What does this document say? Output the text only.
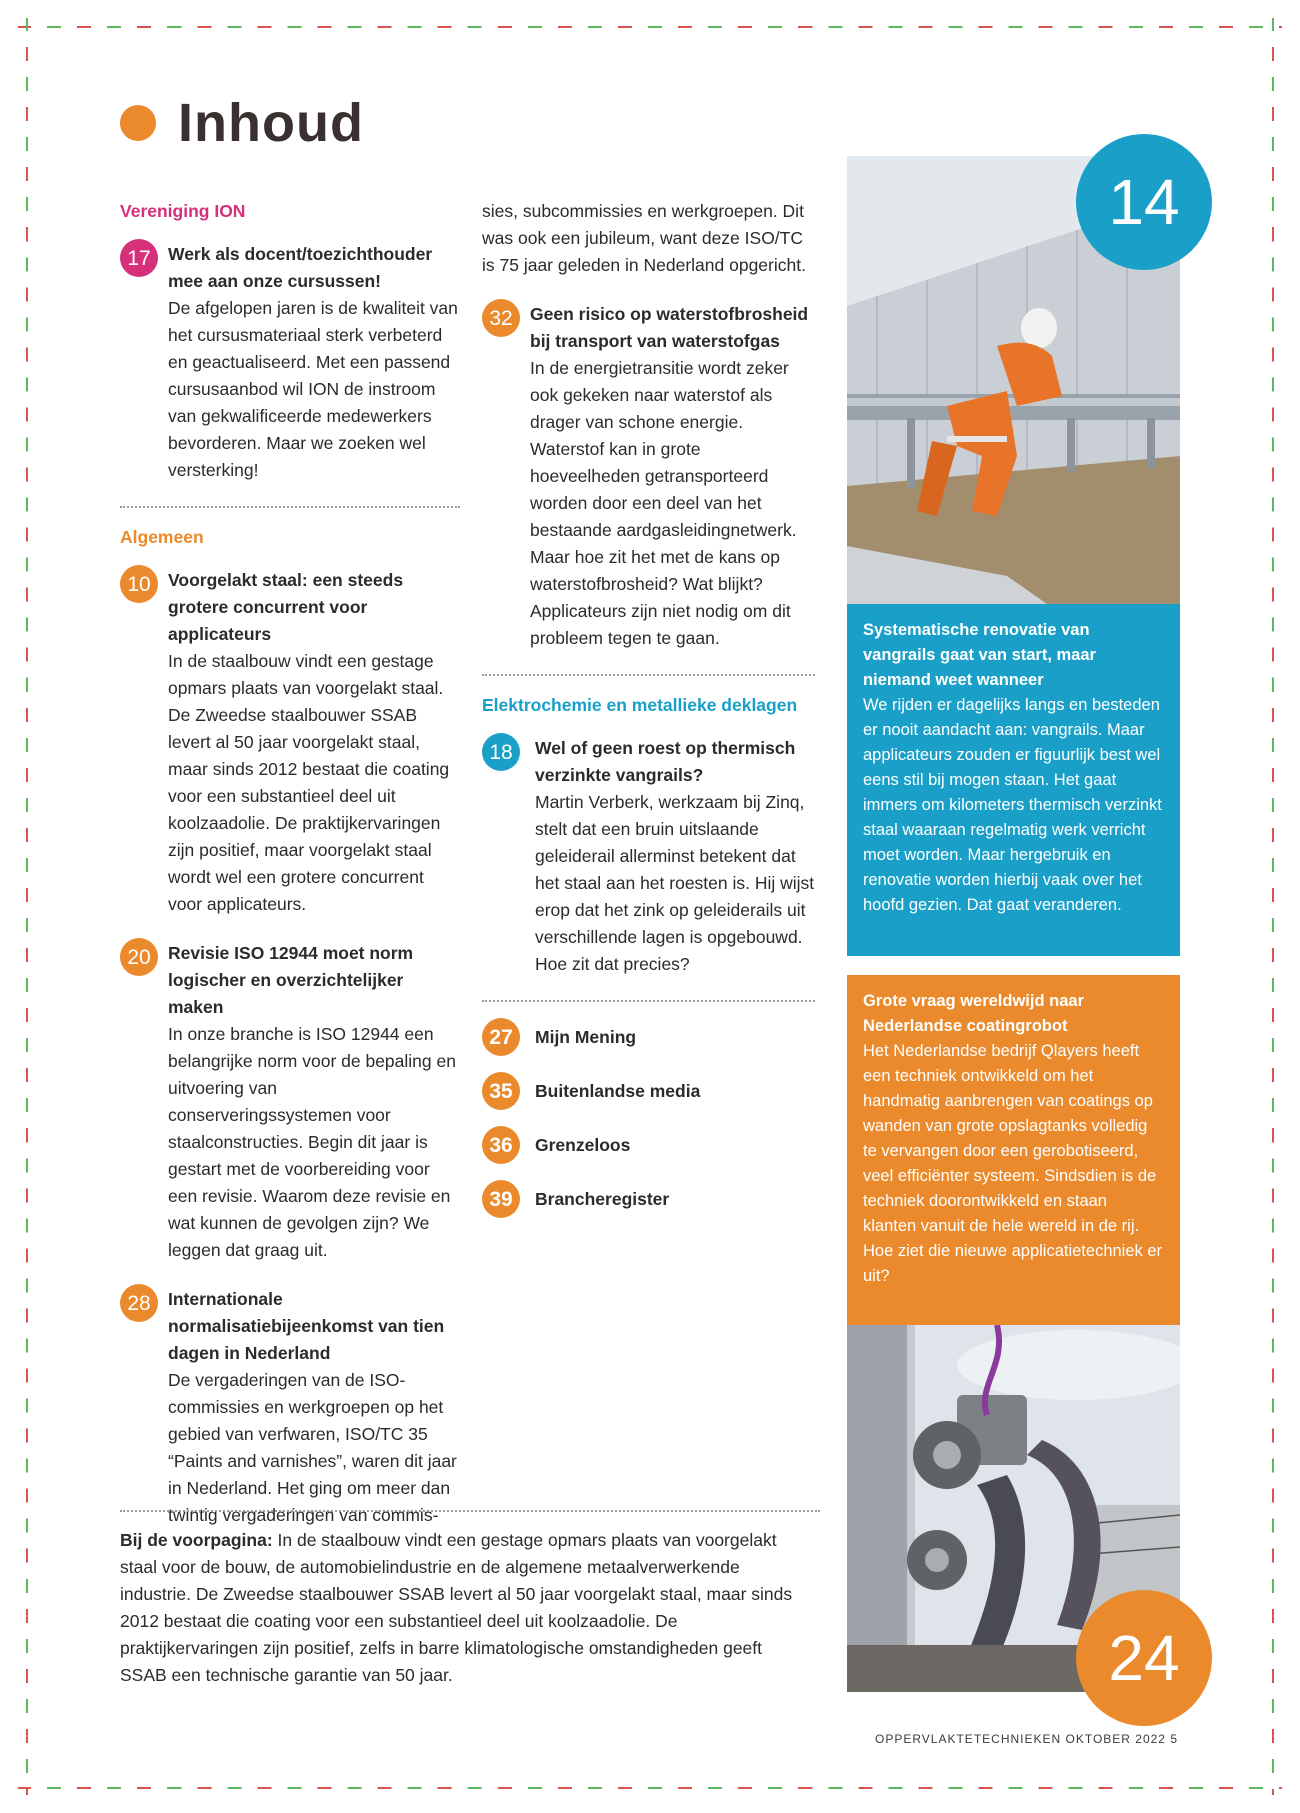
Inhoud
Vereniging ION
17 Werk als docent/toezichthouder mee aan onze cursussen!
De afgelopen jaren is de kwaliteit van het cursusmateriaal sterk verbeterd en geactualiseerd. Met een passend cursusaanbod wil ION de instroom van gekwalificeerde medewerkers bevorderen. Maar we zoeken wel versterking!
Algemeen
10 Voorgelakt staal: een steeds grotere concurrent voor applicateurs
In de staalbouw vindt een gestage opmars plaats van voorgelakt staal. De Zweedse staalbouwer SSAB levert al 50 jaar voorgelakt staal, maar sinds 2012 bestaat die coating voor een substantieel deel uit koolzaadolie. De praktijkervaringen zijn positief, maar voorgelakt staal wordt wel een grotere concurrent voor applicateurs.
20 Revisie ISO 12944 moet norm logischer en overzichtelijker maken
In onze branche is ISO 12944 een belangrijke norm voor de bepaling en uitvoering van conserveringssystemen voor staalconstructies. Begin dit jaar is gestart met de voorbereiding voor een revisie. Waarom deze revisie en wat kunnen de gevolgen zijn? We leggen dat graag uit.
28 Internationale normalisatiebijeenkomst van tien dagen in Nederland
De vergaderingen van de ISO-commissies en werkgroepen op het gebied van verfwaren, ISO/TC 35 “Paints and varnishes”, waren dit jaar in Nederland. Het ging om meer dan twintig vergaderingen van commis-
sies, subcommissies en werkgroepen. Dit was ook een jubileum, want deze ISO/TC is 75 jaar geleden in Nederland opgericht.
32 Geen risico op waterstofbrosheid bij transport van waterstofgas
In de energietransitie wordt zeker ook gekeken naar waterstof als drager van schone energie. Waterstof kan in grote hoeveelheden getransporteerd worden door een deel van het bestaande aardgasleidingnetwerk. Maar hoe zit het met de kans op waterstofbrosheid? Wat blijkt? Applicateurs zijn niet nodig om dit probleem tegen te gaan.
Elektrochemie en metallieke deklagen
18	Wel of geen roest op thermisch verzinkte vangrails?
Martin Verberk, werkzaam bij Zinq, stelt dat een bruin uitslaande geleiderail allerminst betekent dat het staal aan het roesten is. Hij wijst erop dat het zink op geleiderails uit verschillende lagen is opgebouwd. Hoe zit dat precies?
27	Mijn Mening
35	Buitenlandse media
36	Grenzeloos
39	Brancheregister

Bij de voorpagina: In de staalbouw vindt een gestage opmars plaats van voorgelakt staal voor de bouw, de automobielindustrie en de algemene metaalverwerkende industrie. De Zweedse staalbouwer SSAB levert al 50 jaar voorgelakt staal, maar sinds 2012 bestaat die coating voor een substantieel deel uit koolzaadolie. De praktijkervaringen zijn positief, zelfs in barre klimatologische omstandigheden geeft SSAB een technische garantie van 50 jaar.

14
Systematische renovatie van vangrails gaat van start, maar niemand weet wanneer
We rijden er dagelijks langs en besteden er nooit aandacht aan: vangrails. Maar applicateurs zouden er figuurlijk best wel eens stil bij mogen staan. Het gaat immers om kilometers thermisch verzinkt staal waaraan regelmatig werk verricht moet worden. Maar hergebruik en renovatie worden hierbij vaak over het hoofd gezien. Dat gaat veranderen.
Grote vraag wereldwijd naar Nederlandse coatingrobot
Het Nederlandse bedrijf Qlayers heeft een techniek ontwikkeld om het handmatig aanbrengen van coatings op wanden van grote opslagtanks volledig te vervangen door een gerobotiseerd, veel efficiënter systeem. Sindsdien is de techniek doorontwikkeld en staan klanten vanuit de hele wereld in de rij. Hoe ziet die nieuwe applicatietechniek er uit?
24
OPPERVLAKTETECHNIEKEN OKTOBER 2022 5
